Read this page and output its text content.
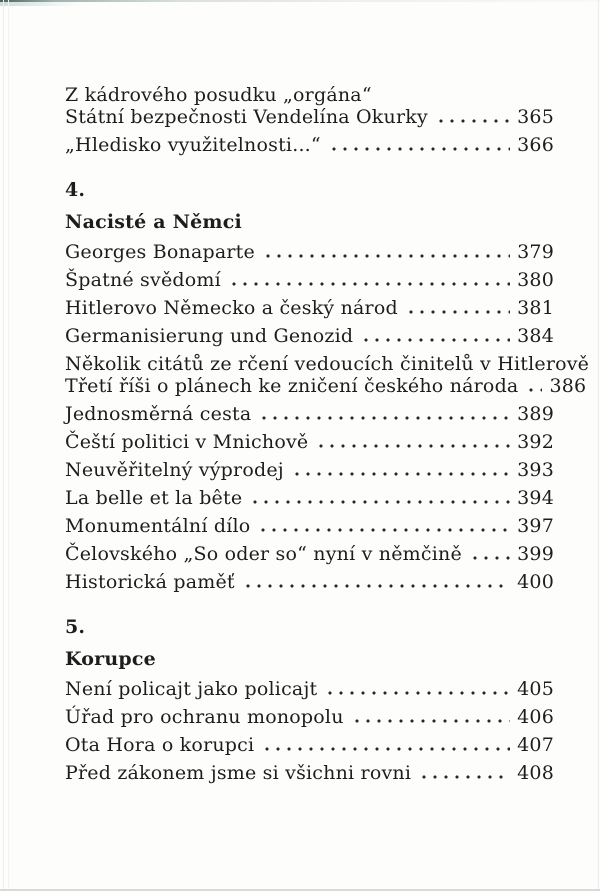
Z kádrového posudku „orgána“
Státní bezpečnosti Vendelína Okurky	365
„Hledisko využitelnosti...“	366
4.
Nacisté a Němci
Georges Bonaparte	379
Špatné svědomí	380
Hitlerovo Německo a český národ	381
Germanisierung und Genozid	384
Několik citátů ze rčení vedoucích činitelů v Hitlerově
Třetí říši o plánech ke zničení českého národa 386
Jednosměrná cesta	389
Čeští politici v Mnichově	392
Neuvěřitelný výprodej	393
La belle et la bête	394
Monumentální dílo	397
Čelovského „So oder so“ nyní v němčině	399
Historická paměť	400
5.
Korupce
Není policajt jako policajt	405
Úřad pro ochranu monopolu	406
Ota Hora o korupci	407
Před zákonem jsme si všichni rovni	408
